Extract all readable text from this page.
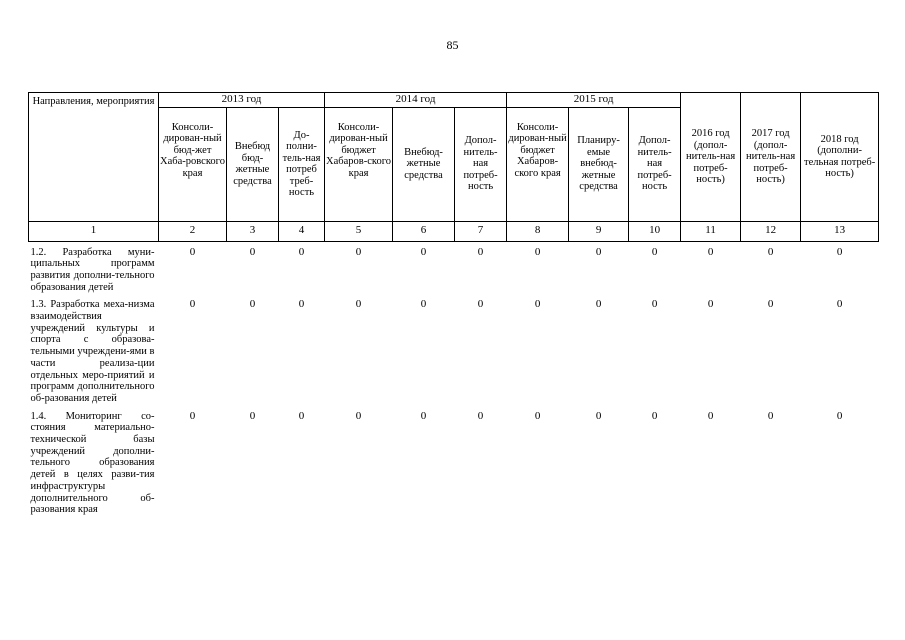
85
Направления, мероприятия	2013 год			2014 год			2015 год			2016 год (допол-нитель-ная потреб-ность)	2017 год (допол-нитель-ная потреб-ность)	2018 год (дополни-тельная потреб-ность)
	Консоли-дирован-ный бюд-жет Хаба-ровского края	Внебюд бюд-жетные средства	До-полни-тель-ная потреб треб-ность	Консоли-дирован-ный бюджет Хабаров-ского края	Внебюд-жетные средства	Допол-нитель-ная потреб-ность	Консоли-дирован-ный бюджет Хабаров-ского края	Планиру-емые внебюд-жетные средства	Допол-нитель-ная потреб-ность			
1	2	3	4	5	6	7	8	9	10	11	12	13
1.2. Разработка муни-ципальных программ развития дополни-тельного образования детей	0	0	0	0	0	0	0	0	0	0	0	0
1.3. Разработка меха-низма взаимодействия учреждений культуры и спорта с образова-тельными учреждени-ями в части реализа-ции отдельных меро-приятий и программ дополнительного об-разования детей	0	0	0	0	0	0	0	0	0	0	0	0
1.4. Мониторинг со-стояния материально-технической базы учреждений дополни-тельного образования детей в целях разви-тия инфраструктуры дополнительного об-разования края	0	0	0	0	0	0	0	0	0	0	0	0
